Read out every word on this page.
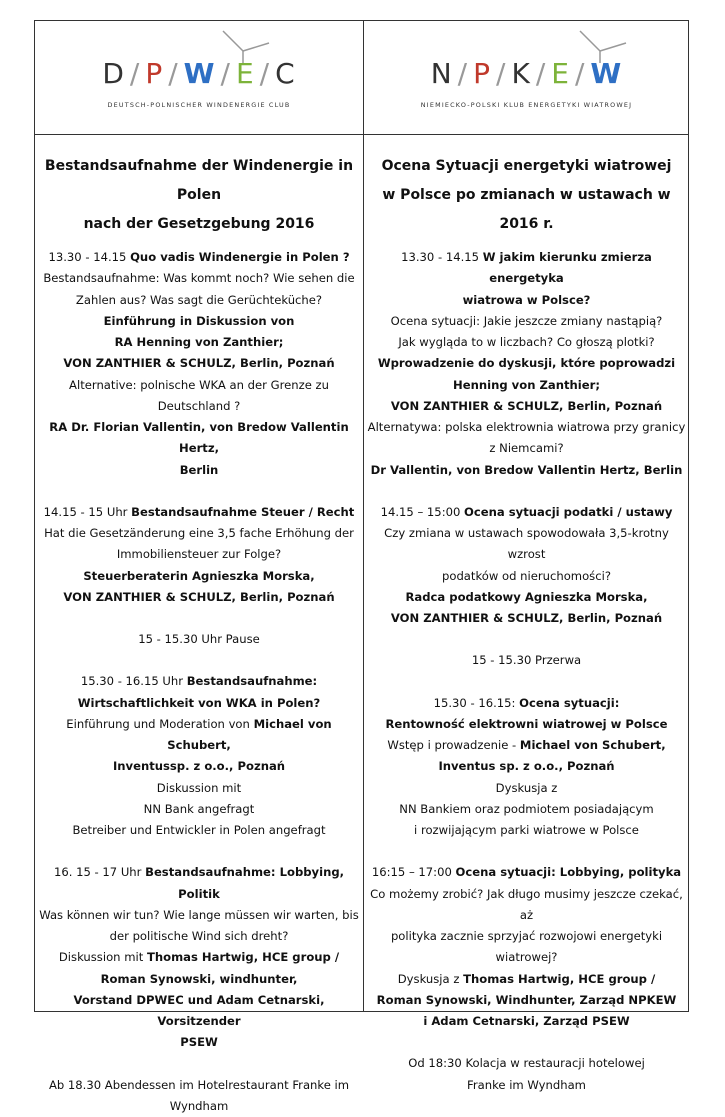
D / P / W / E / C
DEUTSCH-POLNISCHER WINDENERGIE CLUB
N / P / K / E / W
NIEMIECKO-POLSKI KLUB ENERGETYKI WIATROWEJ

Bestandsaufnahme der Windenergie in Polen

nach der Gesetzgebung 2016

13.30 - 14.15 Quo vadis Windenergie in Polen ?

Bestandsaufnahme: Was kommt noch? Wie sehen die

Zahlen aus? Was sagt die Gerüchteküche?

Einführung in Diskussion von

RA Henning von Zanthier;

VON ZANTHIER & SCHULZ, Berlin, Poznań

Alternative: polnische WKA an der Grenze zu

Deutschland ?

RA Dr. Florian Vallentin, von Bredow Vallentin Hertz,

Berlin

14.15 - 15 Uhr Bestandsaufnahme Steuer / Recht

Hat die Gesetzänderung eine 3,5 fache Erhöhung der

Immobiliensteuer zur Folge?

Steuerberaterin Agnieszka Morska,

VON ZANTHIER & SCHULZ, Berlin, Poznań

15 - 15.30 Uhr Pause

15.30 - 16.15 Uhr Bestandsaufnahme:

Wirtschaftlichkeit von WKA in Polen?

Einführung und Moderation von Michael von Schubert,

Inventussp. z o.o., Poznań

Diskussion mit

NN Bank angefragt

Betreiber und Entwickler in Polen angefragt

16. 15 - 17 Uhr Bestandsaufnahme: Lobbying, Politik

Was können wir tun? Wie lange müssen wir warten, bis

der politische Wind sich dreht?

Diskussion mit Thomas Hartwig, HCE group /

Roman Synowski, windhunter,

Vorstand DPWEC und Adam Cetnarski, Vorsitzender

PSEW

Ab 18.30 Abendessen im Hotelrestaurant Franke im

Wyndham

Ocena Sytuacji energetyki wiatrowej

w Polsce po zmianach w ustawach w 2016 r.

13.30 - 14.15 W jakim kierunku zmierza energetyka

wiatrowa w Polsce?

Ocena sytuacji: Jakie jeszcze zmiany nastąpią?

Jak wygląda to w liczbach? Co głoszą plotki?

Wprowadzenie do dyskusji, które poprowadzi

Henning von Zanthier;

VON ZANTHIER & SCHULZ, Berlin, Poznań

Alternatywa: polska elektrownia wiatrowa przy granicy

z Niemcami?

Dr Vallentin, von Bredow Vallentin Hertz, Berlin

14.15 – 15:00 Ocena sytuacji podatki / ustawy

Czy zmiana w ustawach spowodowała 3,5-krotny wzrost

podatków od nieruchomości?

Radca podatkowy Agnieszka Morska,

VON ZANTHIER & SCHULZ, Berlin, Poznań

15 - 15.30 Przerwa

15.30 - 16.15: Ocena sytuacji:

Rentowność elektrowni wiatrowej w Polsce

Wstęp i prowadzenie - Michael von Schubert,

Inventus sp. z o.o., Poznań

Dyskusja z

NN Bankiem oraz podmiotem posiadającym

i rozwijającym parki wiatrowe w Polsce

16:15 – 17:00 Ocena sytuacji: Lobbying, polityka

Co możemy zrobić? Jak długo musimy jeszcze czekać, aż

polityka zacznie sprzyjać rozwojowi energetyki

wiatrowej?

Dyskusja z Thomas Hartwig, HCE group /

Roman Synowski, Windhunter, Zarząd NPKEW

i Adam Cetnarski, Zarząd PSEW

Od 18:30 Kolacja w restauracji hotelowej

Franke im Wyndham
